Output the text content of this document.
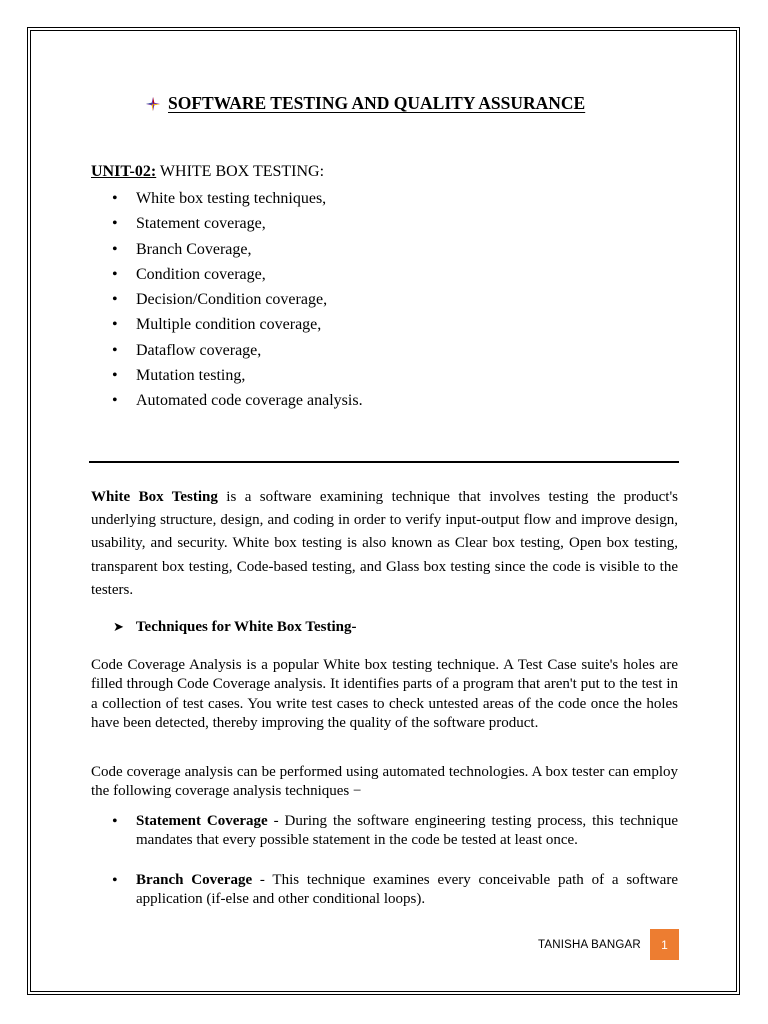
SOFTWARE TESTING AND QUALITY ASSURANCE
UNIT-02: WHITE BOX TESTING:
• White box testing techniques,
• Statement coverage,
• Branch Coverage,
• Condition coverage,
• Decision/Condition coverage,
• Multiple condition coverage,
• Dataflow coverage,
• Mutation testing,
• Automated code coverage analysis.

White Box Testing is a software examining technique that involves testing the product's underlying structure, design, and coding in order to verify input-output flow and improve design, usability, and security. White box testing is also known as Clear box testing, Open box testing, transparent box testing, Code-based testing, and Glass box testing since the code is visible to the testers.

➤ Techniques for White Box Testing-

Code Coverage Analysis is a popular White box testing technique. A Test Case suite's holes are filled through Code Coverage analysis. It identifies parts of a program that aren't put to the test in a collection of test cases. You write test cases to check untested areas of the code once the holes have been detected, thereby improving the quality of the software product.

Code coverage analysis can be performed using automated technologies. A box tester can employ the following coverage analysis techniques −

• Statement Coverage - During the software engineering testing process, this technique mandates that every possible statement in the code be tested at least once.
• Branch Coverage - This technique examines every conceivable path of a software application (if-else and other conditional loops).
TANISHA BANGAR	1
